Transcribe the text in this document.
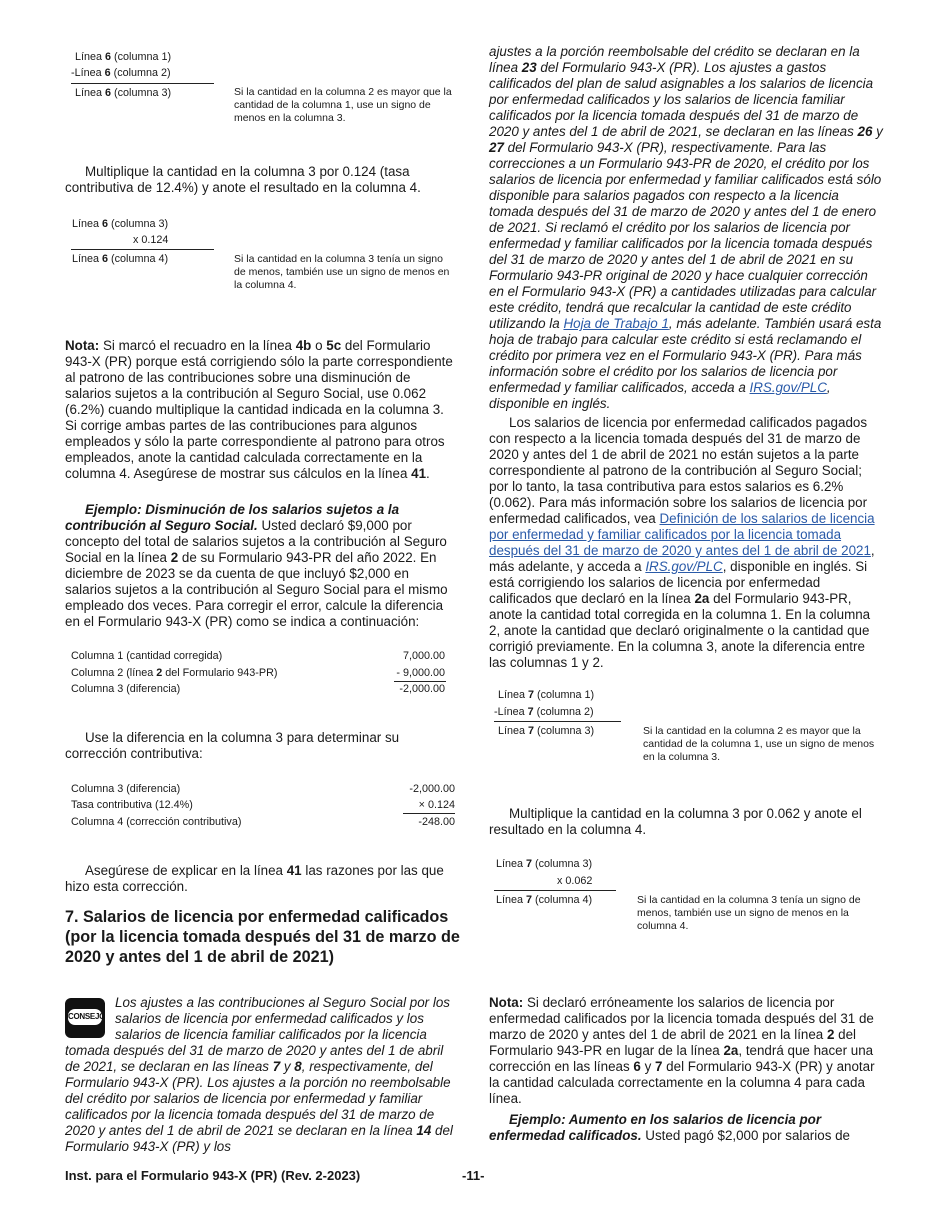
Línea 6 (columna 1)
-Línea 6 (columna 2)
Línea 6 (columna 3)	Si la cantidad en la columna 2 es mayor que la cantidad de la columna 1, use un signo de menos en la columna 3.

Multiplique la cantidad en la columna 3 por 0.124 (tasa contributiva de 12.4%) y anote el resultado en la columna 4.

Línea 6 (columna 3)
x 0.124
Línea 6 (columna 4)	Si la cantidad en la columna 3 tenía un signo de menos, también use un signo de menos en la columna 4.

Nota: Si marcó el recuadro en la línea 4b o 5c del Formulario 943-X (PR) porque está corrigiendo sólo la parte correspondiente al patrono de las contribuciones sobre una disminución de salarios sujetos a la contribución al Seguro Social, use 0.062 (6.2%) cuando multiplique la cantidad indicada en la columna 3. Si corrige ambas partes de las contribuciones para algunos empleados y sólo la parte correspondiente al patrono para otros empleados, anote la cantidad calculada correctamente en la columna 4. Asegúrese de mostrar sus cálculos en la línea 41.

Ejemplo: Disminución de los salarios sujetos a la contribución al Seguro Social. Usted declaró $9,000 por concepto del total de salarios sujetos a la contribución al Seguro Social en la línea 2 de su Formulario 943-PR del año 2022. En diciembre de 2023 se da cuenta de que incluyó $2,000 en salarios sujetos a la contribución al Seguro Social para el mismo empleado dos veces. Para corregir el error, calcule la diferencia en el Formulario 943-X (PR) como se indica a continuación:

Columna 1 (cantidad corregida)	7,000.00
Columna 2 (línea 2 del Formulario 943-PR)	- 9,000.00
Columna 3 (diferencia)	-2,000.00

Use la diferencia en la columna 3 para determinar su corrección contributiva:

Columna 3 (diferencia)	-2,000.00
Tasa contributiva (12.4%)	× 0.124
Columna 4 (corrección contributiva)	-248.00

Asegúrese de explicar en la línea 41 las razones por las que hizo esta corrección.

7. Salarios de licencia por enfermedad calificados (por la licencia tomada después del 31 de marzo de 2020 y antes del 1 de abril de 2021)
CONSEJO
Los ajustes a las contribuciones al Seguro Social por los salarios de licencia por enfermedad calificados y los salarios de licencia familiar calificados por la licencia tomada después del 31 de marzo de 2020 y antes del 1 de abril de 2021, se declaran en las líneas 7 y 8, respectivamente, del Formulario 943-X (PR). Los ajustes a la porción no reembolsable del crédito por salarios de licencia por enfermedad y familiar calificados por la licencia tomada después del 31 de marzo de 2020 y antes del 1 de abril de 2021 se declaran en la línea 14 del Formulario 943-X (PR) y los

ajustes a la porción reembolsable del crédito se declaran en la línea 23 del Formulario 943-X (PR). Los ajustes a gastos calificados del plan de salud asignables a los salarios de licencia por enfermedad calificados y los salarios de licencia familiar calificados por la licencia tomada después del 31 de marzo de 2020 y antes del 1 de abril de 2021, se declaran en las líneas 26 y 27 del Formulario 943-X (PR), respectivamente. Para las correcciones a un Formulario 943-PR de 2020, el crédito por los salarios de licencia por enfermedad y familiar calificados está sólo disponible para salarios pagados con respecto a la licencia tomada después del 31 de marzo de 2020 y antes del 1 de enero de 2021. Si reclamó el crédito por los salarios de licencia por enfermedad y familiar calificados por la licencia tomada después del 31 de marzo de 2020 y antes del 1 de abril de 2021 en su Formulario 943-PR original de 2020 y hace cualquier corrección en el Formulario 943-X (PR) a cantidades utilizadas para calcular este crédito, tendrá que recalcular la cantidad de este crédito utilizando la Hoja de Trabajo 1, más adelante. También usará esta hoja de trabajo para calcular este crédito si está reclamando el crédito por primera vez en el Formulario 943-X (PR). Para más información sobre el crédito por los salarios de licencia por enfermedad y familiar calificados, acceda a IRS.gov/PLC, disponible en inglés.

Los salarios de licencia por enfermedad calificados pagados con respecto a la licencia tomada después del 31 de marzo de 2020 y antes del 1 de abril de 2021 no están sujetos a la parte correspondiente al patrono de la contribución al Seguro Social; por lo tanto, la tasa contributiva para estos salarios es 6.2% (0.062). Para más información sobre los salarios de licencia por enfermedad calificados, vea Definición de los salarios de licencia por enfermedad y familiar calificados por la licencia tomada después del 31 de marzo de 2020 y antes del 1 de abril de 2021, más adelante, y acceda a IRS.gov/PLC, disponible en inglés. Si está corrigiendo los salarios de licencia por enfermedad calificados que declaró en la línea 2a del Formulario 943-PR, anote la cantidad total corregida en la columna 1. En la columna 2, anote la cantidad que declaró originalmente o la cantidad que corrigió previamente. En la columna 3, anote la diferencia entre las columnas 1 y 2.

Línea 7 (columna 1)
-Línea 7 (columna 2)
Línea 7 (columna 3)	Si la cantidad en la columna 2 es mayor que la cantidad de la columna 1, use un signo de menos en la columna 3.

Multiplique la cantidad en la columna 3 por 0.062 y anote el resultado en la columna 4.

Línea 7 (columna 3)
x 0.062
Línea 7 (columna 4)	Si la cantidad en la columna 3 tenía un signo de menos, también use un signo de menos en la columna 4.

Nota: Si declaró erróneamente los salarios de licencia por enfermedad calificados por la licencia tomada después del 31 de marzo de 2020 y antes del 1 de abril de 2021 en la línea 2 del Formulario 943-PR en lugar de la línea 2a, tendrá que hacer una corrección en las líneas 6 y 7 del Formulario 943-X (PR) y anotar la cantidad calculada correctamente en la columna 4 para cada línea.

Ejemplo: Aumento en los salarios de licencia por enfermedad calificados. Usted pagó $2,000 por salarios de

Inst. para el Formulario 943-X (PR) (Rev. 2-2023)	-11-
